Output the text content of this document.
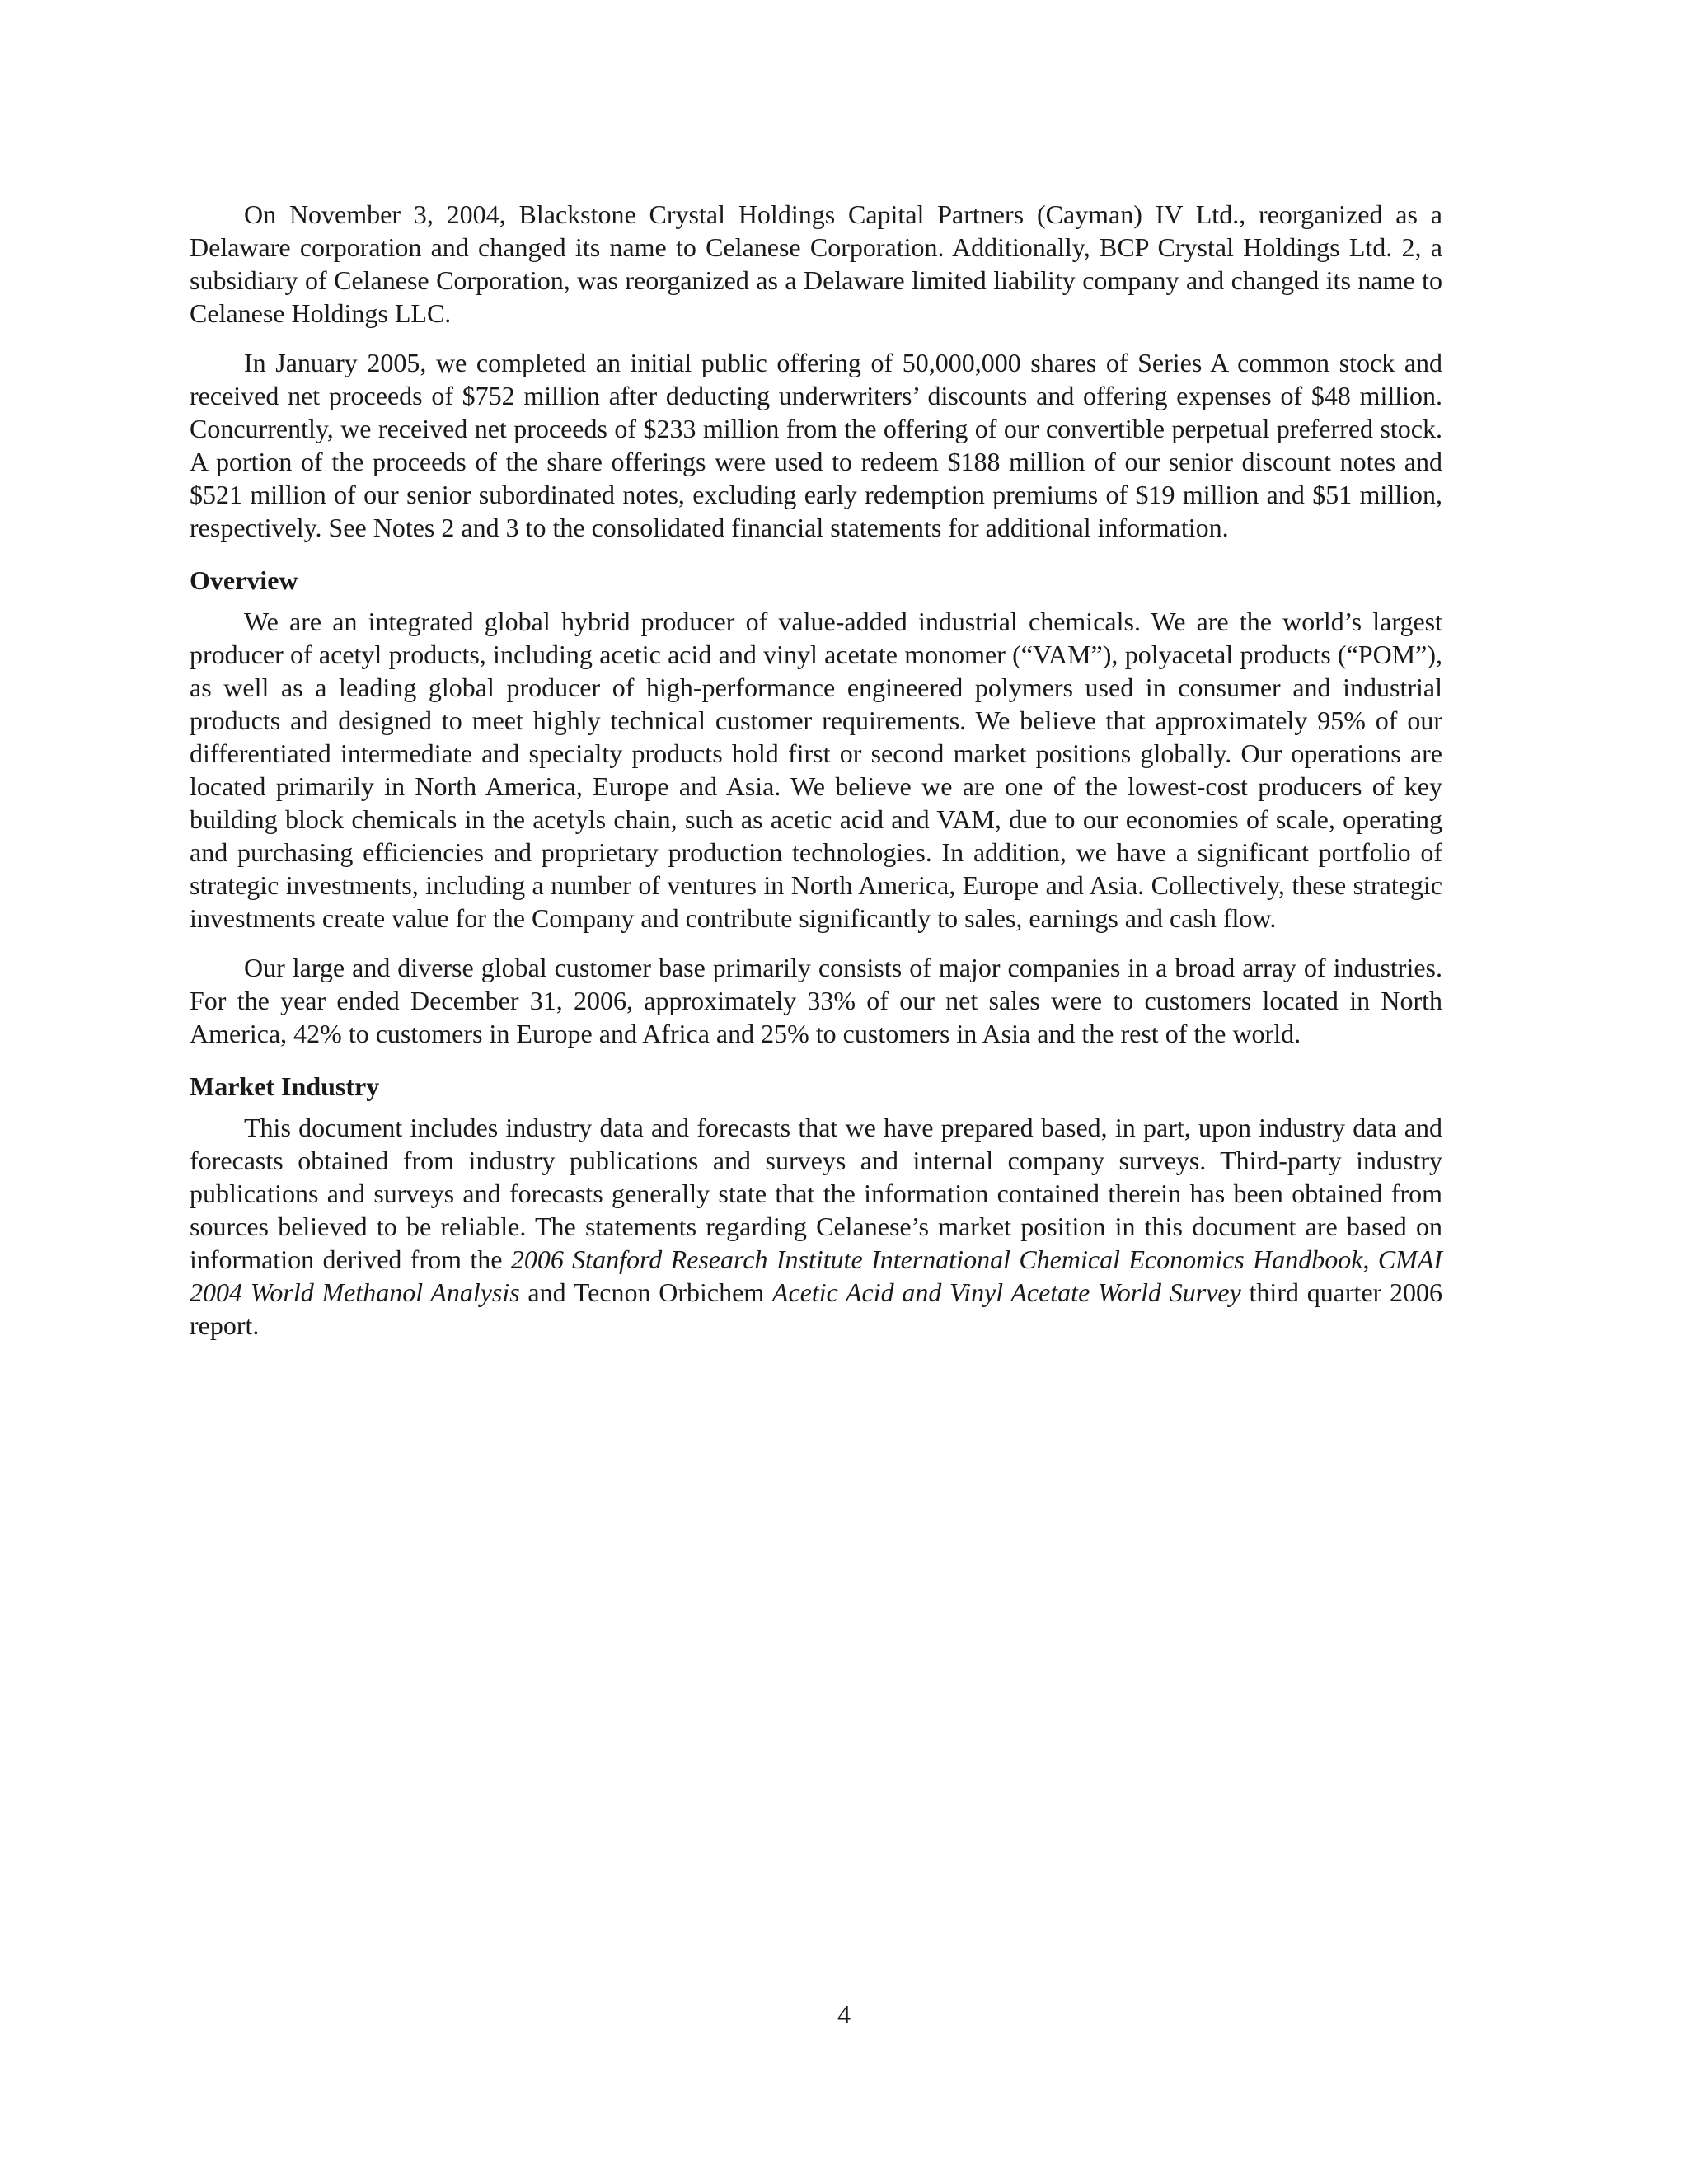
On November 3, 2004, Blackstone Crystal Holdings Capital Partners (Cayman) IV Ltd., reorganized as a Delaware corporation and changed its name to Celanese Corporation. Additionally, BCP Crystal Holdings Ltd. 2, a subsidiary of Celanese Corporation, was reorganized as a Delaware limited liability company and changed its name to Celanese Holdings LLC.

In January 2005, we completed an initial public offering of 50,000,000 shares of Series A common stock and received net proceeds of $752 million after deducting underwriters’ discounts and offering expenses of $48 million. Concurrently, we received net proceeds of $233 million from the offering of our convertible perpetual preferred stock. A portion of the proceeds of the share offerings were used to redeem $188 million of our senior discount notes and $521 million of our senior subordinated notes, excluding early redemption premiums of $19 million and $51 million, respectively. See Notes 2 and 3 to the consolidated financial statements for additional information.

Overview

We are an integrated global hybrid producer of value-added industrial chemicals. We are the world’s largest producer of acetyl products, including acetic acid and vinyl acetate monomer (“VAM”), polyacetal products (“POM”), as well as a leading global producer of high-performance engineered polymers used in consumer and industrial products and designed to meet highly technical customer requirements. We believe that approximately 95% of our differentiated intermediate and specialty products hold first or second market positions globally. Our operations are located primarily in North America, Europe and Asia. We believe we are one of the lowest-cost producers of key building block chemicals in the acetyls chain, such as acetic acid and VAM, due to our economies of scale, operating and purchasing efficiencies and proprietary production technologies. In addition, we have a significant portfolio of strategic investments, including a number of ventures in North America, Europe and Asia. Collectively, these strategic investments create value for the Company and contribute significantly to sales, earnings and cash flow.

Our large and diverse global customer base primarily consists of major companies in a broad array of industries. For the year ended December 31, 2006, approximately 33% of our net sales were to customers located in North America, 42% to customers in Europe and Africa and 25% to customers in Asia and the rest of the world.

Market Industry

This document includes industry data and forecasts that we have prepared based, in part, upon industry data and forecasts obtained from industry publications and surveys and internal company surveys. Third-party industry publications and surveys and forecasts generally state that the information contained therein has been obtained from sources believed to be reliable. The statements regarding Celanese’s market position in this document are based on information derived from the 2006 Stanford Research Institute International Chemical Economics Handbook, CMAI 2004 World Methanol Analysis and Tecnon Orbichem Acetic Acid and Vinyl Acetate World Survey third quarter 2006 report.

4
